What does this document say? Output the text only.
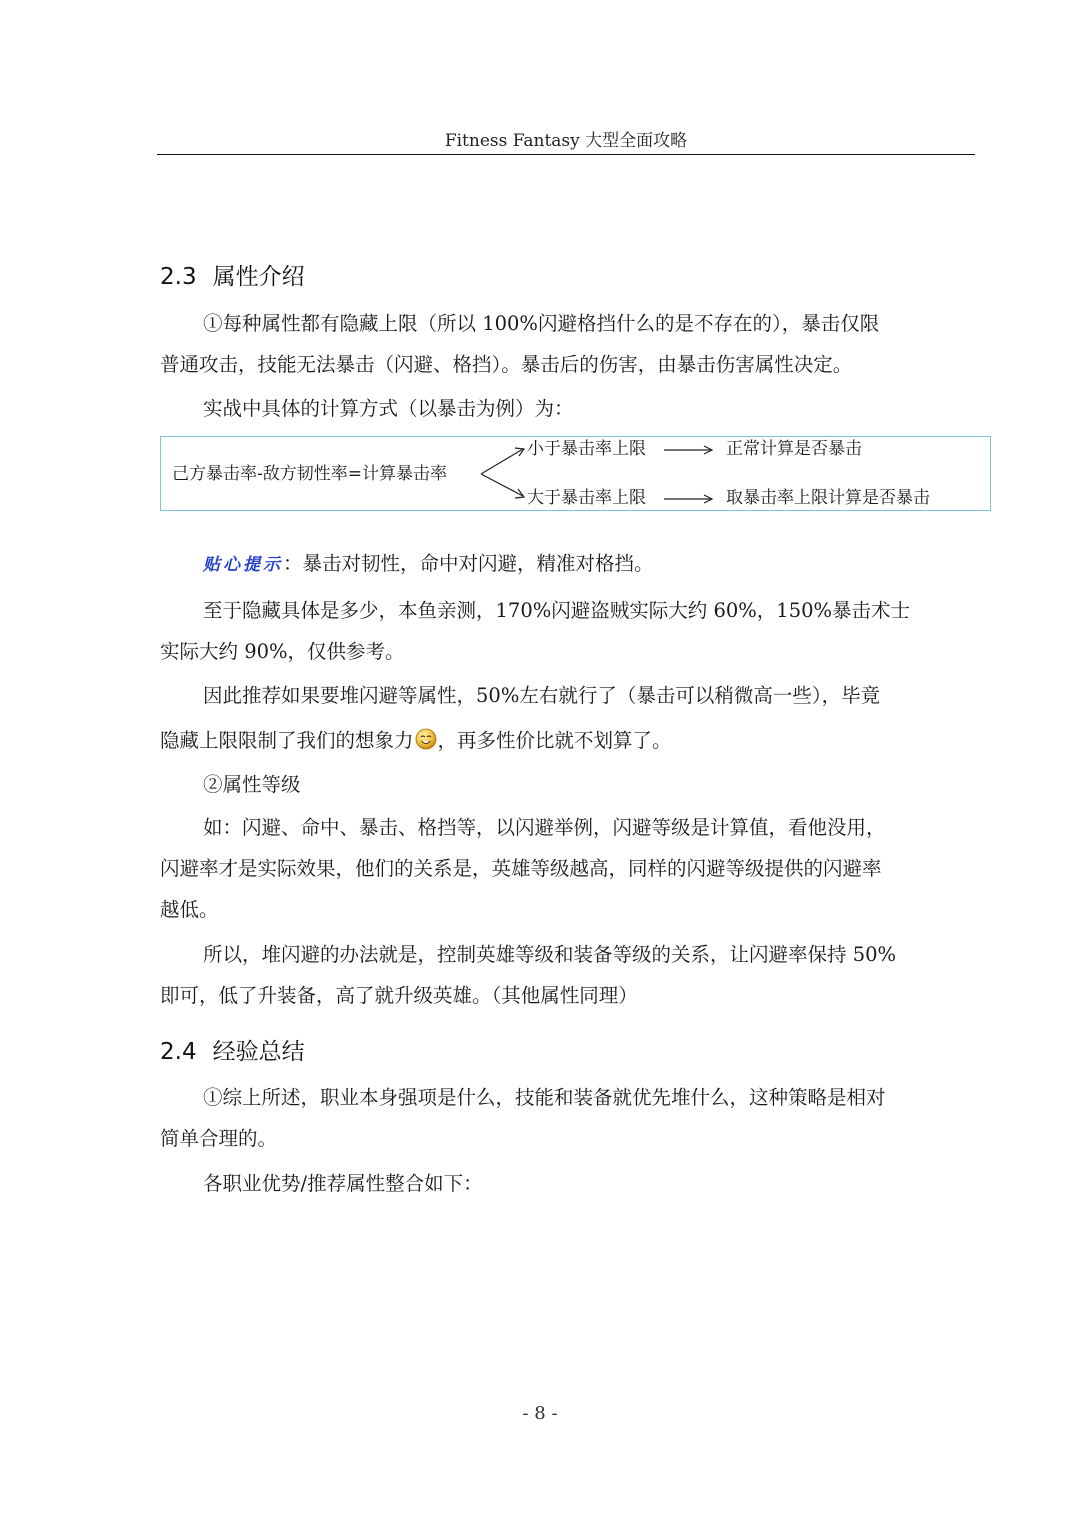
Fitness Fantasy 大型全面攻略
2.3 属性介绍
①每种属性都有隐藏上限（所以 100%闪避格挡什么的是不存在的），暴击仅限
普通攻击，技能无法暴击（闪避、格挡）。暴击后的伤害，由暴击伤害属性决定。
实战中具体的计算方式（以暴击为例）为：
己方暴击率-敌方韧性率=计算暴击率
小于暴击率上限	正常计算是否暴击
大于暴击率上限	取暴击率上限计算是否暴击
贴心提示：暴击对韧性，命中对闪避，精准对格挡。
至于隐藏具体是多少，本鱼亲测，170%闪避盗贼实际大约 60%，150%暴击术士
实际大约 90%，仅供参考。
因此推荐如果要堆闪避等属性，50%左右就行了（暴击可以稍微高一些），毕竟
隐藏上限限制了我们的想象力 ，再多性价比就不划算了。
②属性等级
如：闪避、命中、暴击、格挡等，以闪避举例，闪避等级是计算值，看他没用，
闪避率才是实际效果，他们的关系是，英雄等级越高，同样的闪避等级提供的闪避率
越低。
所以，堆闪避的办法就是，控制英雄等级和装备等级的关系，让闪避率保持 50%
即可，低了升装备，高了就升级英雄。（其他属性同理）
2.4 经验总结
①综上所述，职业本身强项是什么，技能和装备就优先堆什么，这种策略是相对
简单合理的。
各职业优势/推荐属性整合如下：
- 8 -
